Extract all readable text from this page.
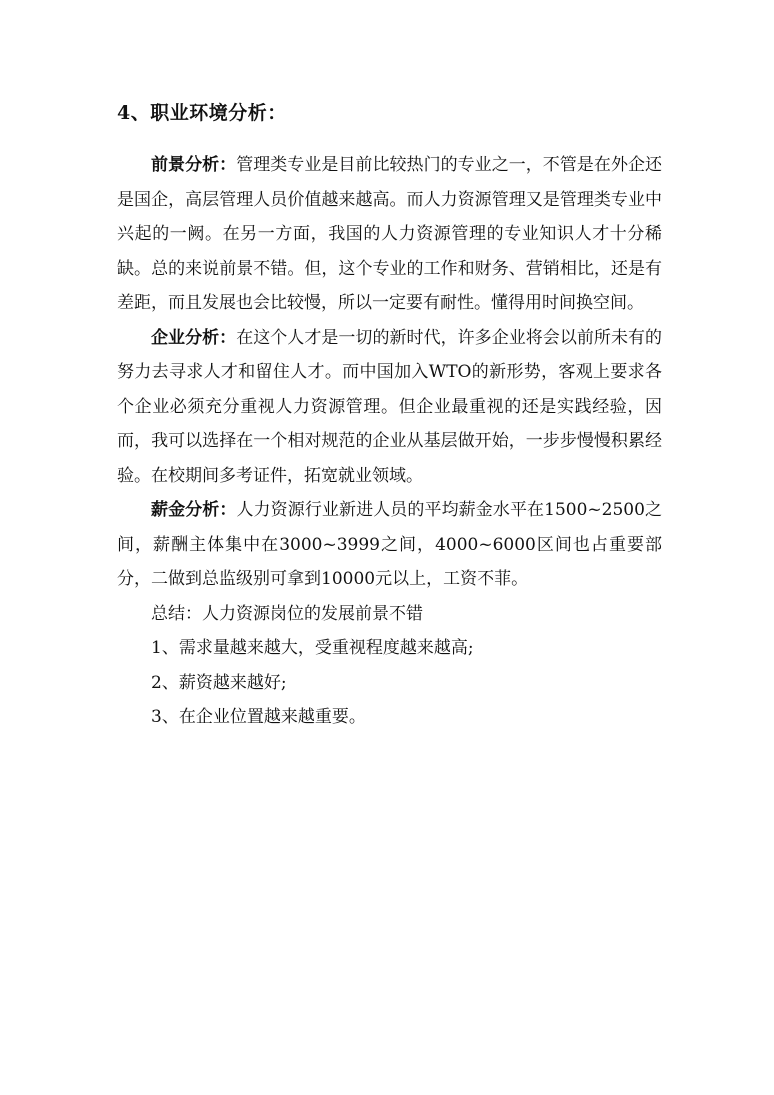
4、职业环境分析：

前景分析：管理类专业是目前比较热门的专业之一，不管是在外企还是国企，高层管理人员价值越来越高。而人力资源管理又是管理类专业中兴起的一阙。在另一方面，我国的人力资源管理的专业知识人才十分稀缺。总的来说前景不错。但，这个专业的工作和财务、营销相比，还是有差距，而且发展也会比较慢，所以一定要有耐性。懂得用时间换空间。

企业分析：在这个人才是一切的新时代，许多企业将会以前所未有的努力去寻求人才和留住人才。而中国加入WTO的新形势，客观上要求各个企业必须充分重视人力资源管理。但企业最重视的还是实践经验，因而，我可以选择在一个相对规范的企业从基层做开始，一步步慢慢积累经验。在校期间多考证件，拓宽就业领域。

薪金分析：人力资源行业新进人员的平均薪金水平在1500~2500之间，薪酬主体集中在3000~3999之间，4000~6000区间也占重要部分，二做到总监级别可拿到10000元以上，工资不菲。

总结：人力资源岗位的发展前景不错

1、需求量越来越大，受重视程度越来越高;

2、薪资越来越好;

3、在企业位置越来越重要。
